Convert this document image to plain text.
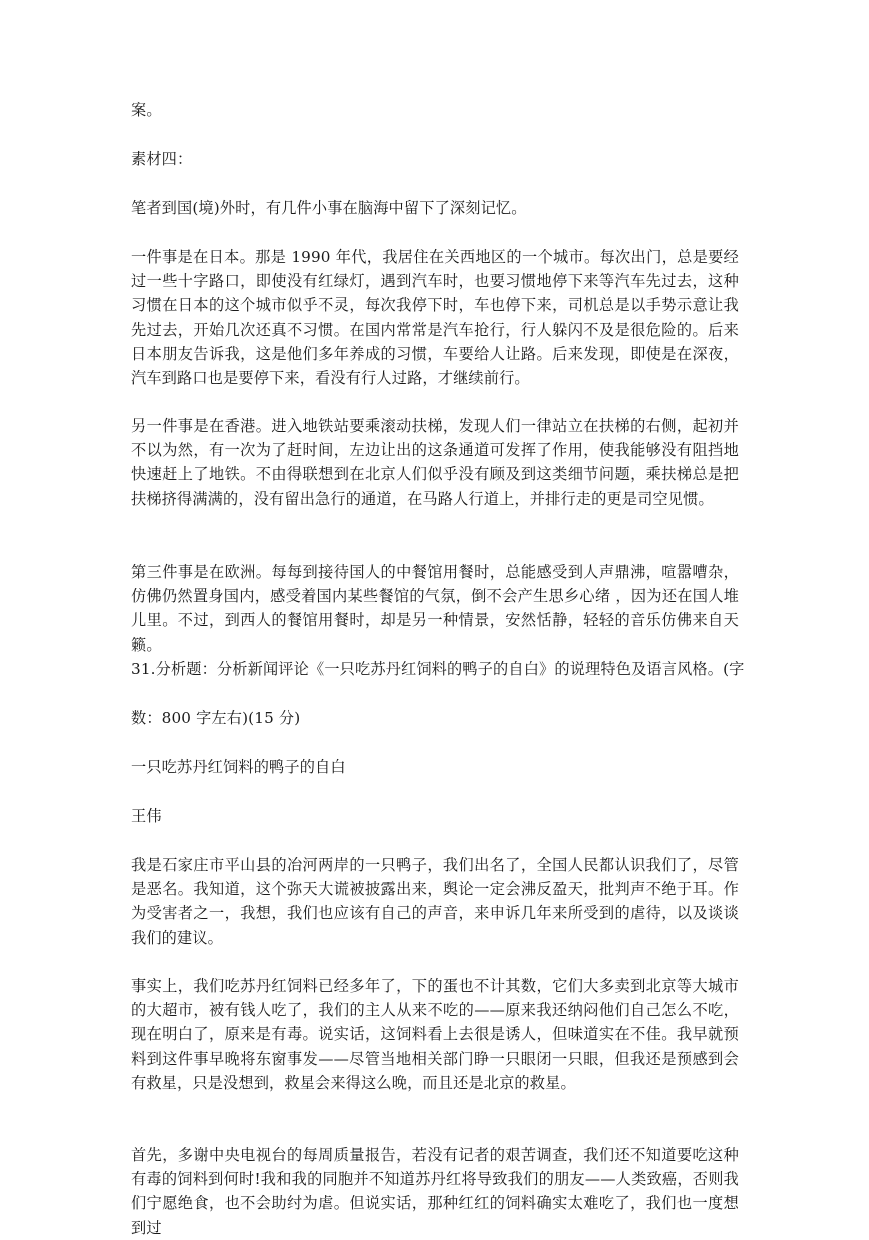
案。

素材四：

笔者到国(境)外时，有几件小事在脑海中留下了深刻记忆。

一件事是在日本。那是 1990 年代，我居住在关西地区的一个城市。每次出门，总是要经过一些十字路口，即使没有红绿灯，遇到汽车时，也要习惯地停下来等汽车先过去，这种习惯在日本的这个城市似乎不灵，每次我停下时，车也停下来，司机总是以手势示意让我先过去，开始几次还真不习惯。在国内常常是汽车抢行，行人躲闪不及是很危险的。后来日本朋友告诉我，这是他们多年养成的习惯，车要给人让路。后来发现，即使是在深夜，汽车到路口也是要停下来，看没有行人过路，才继续前行。

另一件事是在香港。进入地铁站要乘滚动扶梯，发现人们一律站立在扶梯的右侧，起初并不以为然，有一次为了赶时间，左边让出的这条通道可发挥了作用，使我能够没有阻挡地快速赶上了地铁。不由得联想到在北京人们似乎没有顾及到这类细节问题，乘扶梯总是把扶梯挤得满满的，没有留出急行的通道，在马路人行道上，并排行走的更是司空见惯。

第三件事是在欧洲。每每到接待国人的中餐馆用餐时，总能感受到人声鼎沸，喧嚣嘈杂，仿佛仍然置身国内，感受着国内某些餐馆的气氛，倒不会产生思乡心绪 ，因为还在国人堆儿里。不过，到西人的餐馆用餐时，却是另一种情景，安然恬静，轻轻的音乐仿佛来自天籁。

31.分析题：分析新闻评论《一只吃苏丹红饲料的鸭子的自白》的说理特色及语言风格。(字

数：800 字左右)(15 分)

一只吃苏丹红饲料的鸭子的自白

王伟

我是石家庄市平山县的冶河两岸的一只鸭子，我们出名了，全国人民都认识我们了，尽管是恶名。我知道，这个弥天大谎被披露出来，舆论一定会沸反盈天，批判声不绝于耳。作为受害者之一，我想，我们也应该有自己的声音，来申诉几年来所受到的虐待，以及谈谈我们的建议。

事实上，我们吃苏丹红饲料已经多年了，下的蛋也不计其数，它们大多卖到北京等大城市的大超市，被有钱人吃了，我们的主人从来不吃的——原来我还纳闷他们自己怎么不吃，现在明白了，原来是有毒。说实话，这饲料看上去很是诱人，但味道实在不佳。我早就预料到这件事早晚将东窗事发——尽管当地相关部门睁一只眼闭一只眼，但我还是预感到会有救星，只是没想到，救星会来得这么晚，而且还是北京的救星。

首先，多谢中央电视台的每周质量报告，若没有记者的艰苦调查，我们还不知道要吃这种有毒的饲料到何时!我和我的同胞并不知道苏丹红将导致我们的朋友——人类致癌，否则我们宁愿绝食，也不会助纣为虐。但说实话，那种红红的饲料确实太难吃了，我们也一度想到过
